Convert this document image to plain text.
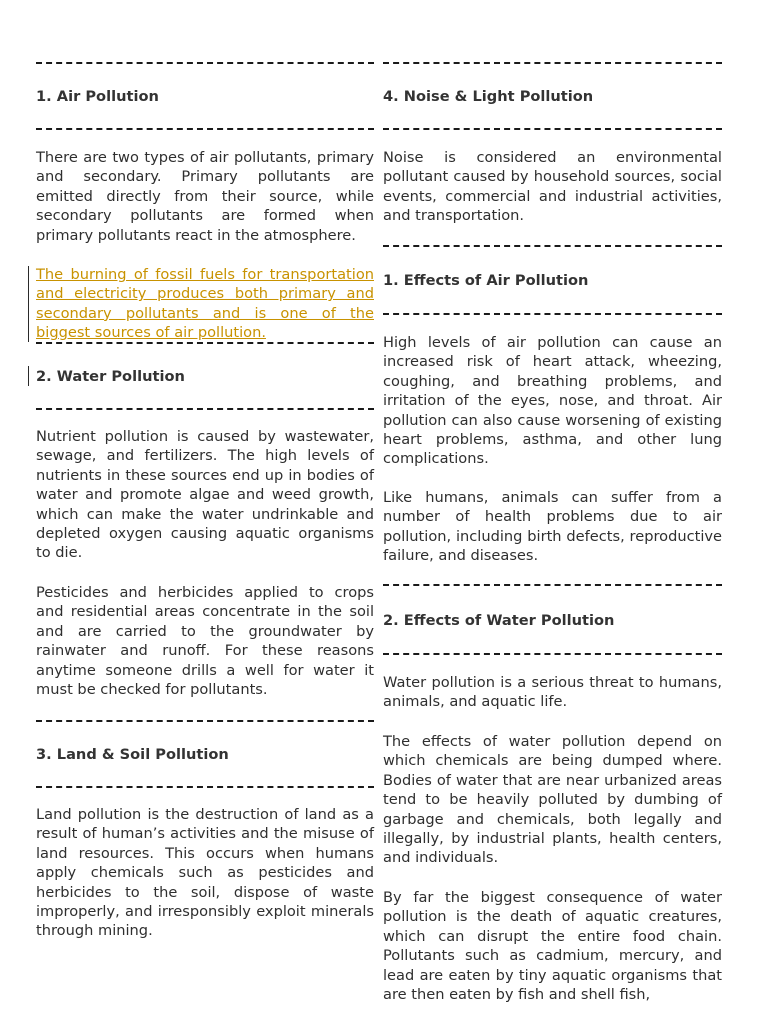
1. Air Pollution

There are two types of air pollutants, primary and secondary. Primary pollutants are emitted directly from their source, while secondary pollutants are formed when primary pollutants react in the atmosphere.

The burning of fossil fuels for transportation and electricity produces both primary and secondary pollutants and is one of the biggest sources of air pollution.

2. Water Pollution

Nutrient pollution is caused by wastewater, sewage, and fertilizers. The high levels of nutrients in these sources end up in bodies of water and promote algae and weed growth, which can make the water undrinkable and depleted oxygen causing aquatic organisms to die.

Pesticides and herbicides applied to crops and residential areas concentrate in the soil and are carried to the groundwater by rainwater and runoff. For these reasons anytime someone drills a well for water it must be checked for pollutants.

3. Land & Soil Pollution

Land pollution is the destruction of land as a result of human’s activities and the misuse of land resources. This occurs when humans apply chemicals such as pesticides and herbicides to the soil, dispose of waste improperly, and irresponsibly exploit minerals through mining.

4. Noise & Light Pollution

Noise is considered an environmental pollutant caused by household sources, social events, commercial and industrial activities, and transportation.

1. Effects of Air Pollution

High levels of air pollution can cause an increased risk of heart attack, wheezing, coughing, and breathing problems, and irritation of the eyes, nose, and throat. Air pollution can also cause worsening of existing heart problems, asthma, and other lung complications.

Like humans, animals can suffer from a number of health problems due to air pollution, including birth defects, reproductive failure, and diseases.

2. Effects of Water Pollution

Water pollution is a serious threat to humans, animals, and aquatic life.

The effects of water pollution depend on which chemicals are being dumped where. Bodies of water that are near urbanized areas tend to be heavily polluted by dumbing of garbage and chemicals, both legally and illegally, by industrial plants, health centers, and individuals.

By far the biggest consequence of water pollution is the death of aquatic creatures, which can disrupt the entire food chain. Pollutants such as cadmium, mercury, and lead are eaten by tiny aquatic organisms that are then eaten by fish and shell fish,
